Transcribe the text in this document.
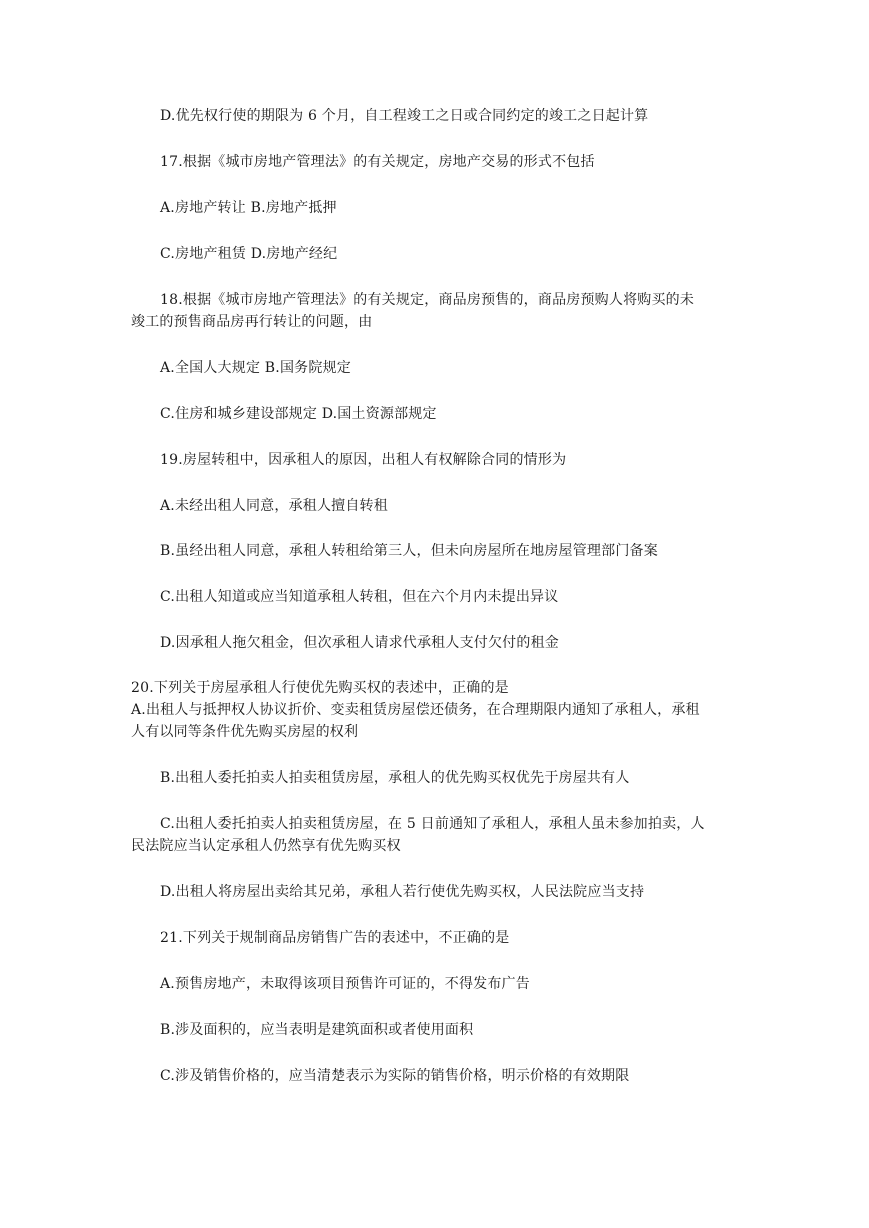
D.优先权行使的期限为 6 个月，自工程竣工之日或合同约定的竣工之日起计算
17.根据《城市房地产管理法》的有关规定，房地产交易的形式不包括
A.房地产转让 B.房地产抵押
C.房地产租赁 D.房地产经纪
18.根据《城市房地产管理法》的有关规定，商品房预售的，商品房预购人将购买的未
竣工的预售商品房再行转让的问题，由
A.全国人大规定 B.国务院规定
C.住房和城乡建设部规定 D.国土资源部规定
19.房屋转租中，因承租人的原因，出租人有权解除合同的情形为
A.未经出租人同意，承租人擅自转租
B.虽经出租人同意，承租人转租给第三人，但未向房屋所在地房屋管理部门备案
C.出租人知道或应当知道承租人转租，但在六个月内未提出异议
D.因承租人拖欠租金，但次承租人请求代承租人支付欠付的租金
20.下列关于房屋承租人行使优先购买权的表述中，正确的是
A.出租人与抵押权人协议折价、变卖租赁房屋偿还债务，在合理期限内通知了承租人，承租
人有以同等条件优先购买房屋的权利
B.出租人委托拍卖人拍卖租赁房屋，承租人的优先购买权优先于房屋共有人
C.出租人委托拍卖人拍卖租赁房屋，在 5 日前通知了承租人，承租人虽未参加拍卖，人
民法院应当认定承租人仍然享有优先购买权
D.出租人将房屋出卖给其兄弟，承租人若行使优先购买权，人民法院应当支持
21.下列关于规制商品房销售广告的表述中，不正确的是
A.预售房地产，未取得该项目预售许可证的，不得发布广告
B.涉及面积的，应当表明是建筑面积或者使用面积
C.涉及销售价格的，应当清楚表示为实际的销售价格，明示价格的有效期限
